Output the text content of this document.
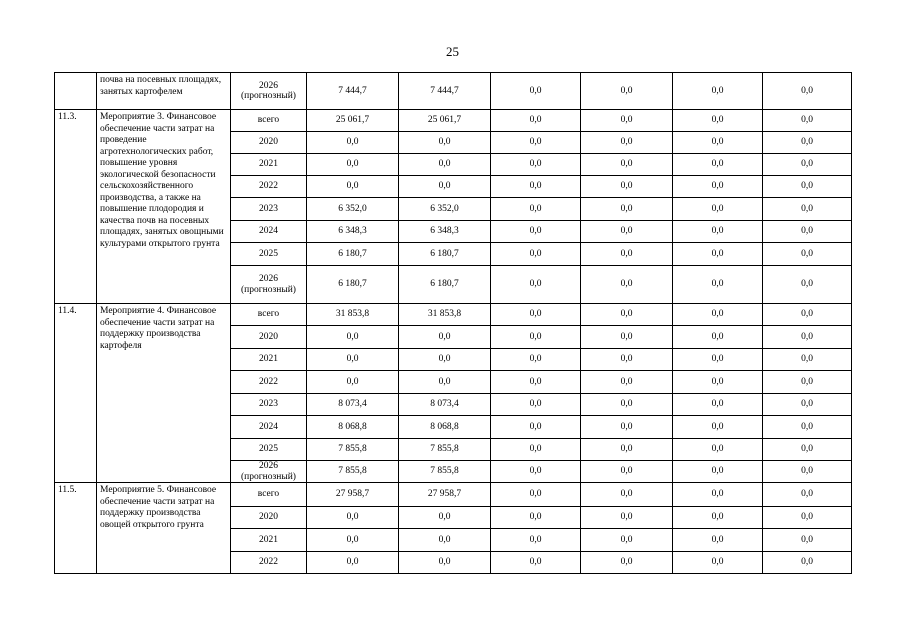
25
	почва на посевных площадях, занятых картофелем	2026 (прогнозный)	7 444,7	7 444,7	0,0	0,0	0,0	0,0
11.3.	Мероприятие 3. Финансовое обеспечение части затрат на проведение агротехнологических работ, повышение уровня экологической безопасности сельскохозяйственного производства, а также на повышение плодородия и качества почв на посевных площадях, занятых овощными культурами открытого грунта	всего	25 061,7	25 061,7	0,0	0,0	0,0	0,0
		2020	0,0	0,0	0,0	0,0	0,0	0,0
		2021	0,0	0,0	0,0	0,0	0,0	0,0
		2022	0,0	0,0	0,0	0,0	0,0	0,0
		2023	6 352,0	6 352,0	0,0	0,0	0,0	0,0
		2024	6 348,3	6 348,3	0,0	0,0	0,0	0,0
		2025	6 180,7	6 180,7	0,0	0,0	0,0	0,0
		2026 (прогнозный)	6 180,7	6 180,7	0,0	0,0	0,0	0,0
11.4.	Мероприятие 4. Финансовое обеспечение части затрат на поддержку производства картофеля	всего	31 853,8	31 853,8	0,0	0,0	0,0	0,0
		2020	0,0	0,0	0,0	0,0	0,0	0,0
		2021	0,0	0,0	0,0	0,0	0,0	0,0
		2022	0,0	0,0	0,0	0,0	0,0	0,0
		2023	8 073,4	8 073,4	0,0	0,0	0,0	0,0
		2024	8 068,8	8 068,8	0,0	0,0	0,0	0,0
		2025	7 855,8	7 855,8	0,0	0,0	0,0	0,0
		2026 (прогнозный)	7 855,8	7 855,8	0,0	0,0	0,0	0,0
11.5.	Мероприятие 5. Финансовое обеспечение части затрат на поддержку производства овощей открытого грунта	всего	27 958,7	27 958,7	0,0	0,0	0,0	0,0
		2020	0,0	0,0	0,0	0,0	0,0	0,0
		2021	0,0	0,0	0,0	0,0	0,0	0,0
		2022	0,0	0,0	0,0	0,0	0,0	0,0
